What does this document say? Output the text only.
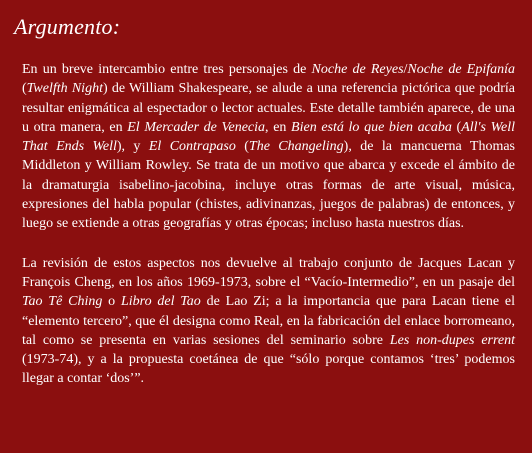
Argumento:

En un breve intercambio entre tres personajes de Noche de Reyes/Noche de Epifanía (Twelfth Night) de William Shakespeare, se alude a una referencia pictórica que podría resultar enigmática al espectador o lector actuales. Este detalle también aparece, de una u otra manera, en El Mercader de Venecia, en Bien está lo que bien acaba (All's Well That Ends Well), y El Contrapaso (The Changeling), de la mancuerna Thomas Middleton y William Rowley. Se trata de un motivo que abarca y excede el ámbito de la dramaturgia isabelino-jacobina, incluye otras formas de arte visual, música, expresiones del habla popular (chistes, adivinanzas, juegos de palabras) de entonces, y luego se extiende a otras geografías y otras épocas; incluso hasta nuestros días.

La revisión de estos aspectos nos devuelve al trabajo conjunto de Jacques Lacan y François Cheng, en los años 1969-1973, sobre el “Vacío-Intermedio”, en un pasaje del Tao Tê Ching o Libro del Tao de Lao Zi; a la importancia que para Lacan tiene el “elemento tercero”, que él designa como Real, en la fabricación del enlace borromeano, tal como se presenta en varias sesiones del seminario sobre Les non-dupes errent (1973-74), y a la propuesta coetánea de que “sólo porque contamos ‘tres’ podemos llegar a contar ‘dos’”.
